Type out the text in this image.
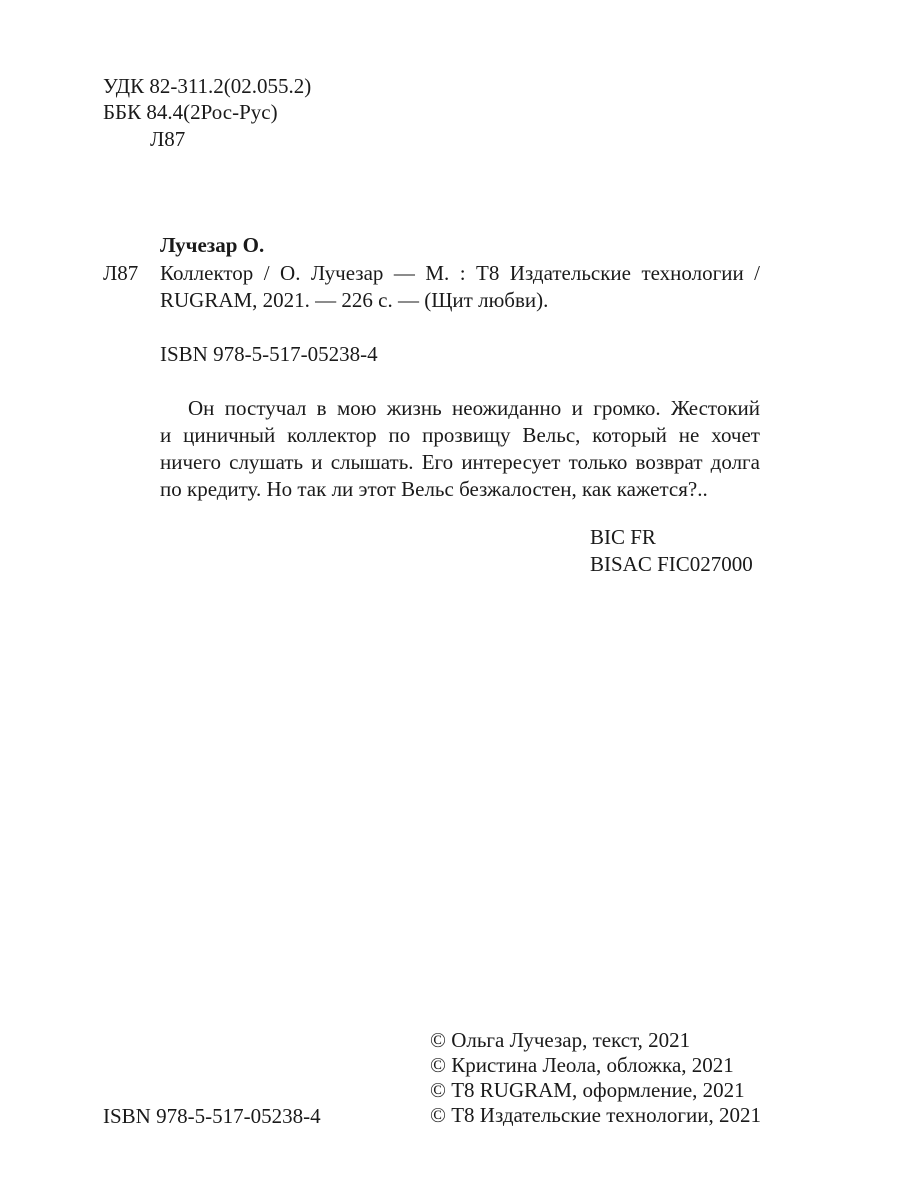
УДК 82-311.2(02.055.2)
ББК 84.4(2Рос-Рус)
Л87
Лучезар О.
Л87 Коллектор / О. Лучезар — М. : Т8 Издательские технологии /
RUGRAM, 2021. — 226 с. — (Щит любви).
ISBN 978-5-517-05238-4
Он постучал в мою жизнь неожиданно и громко. Жестокий
и циничный коллектор по прозвищу Вельс, который не хочет
ничего слушать и слышать. Его интересует только возврат долга
по кредиту. Но так ли этот Вельс безжалостен, как кажется?..
BIC FR
BISAC FIC027000
© Ольга Лучезар, текст, 2021
© Кристина Леола, обложка, 2021
© Т8 RUGRAM, оформление, 2021
© Т8 Издательские технологии, 2021
ISBN 978-5-517-05238-4
